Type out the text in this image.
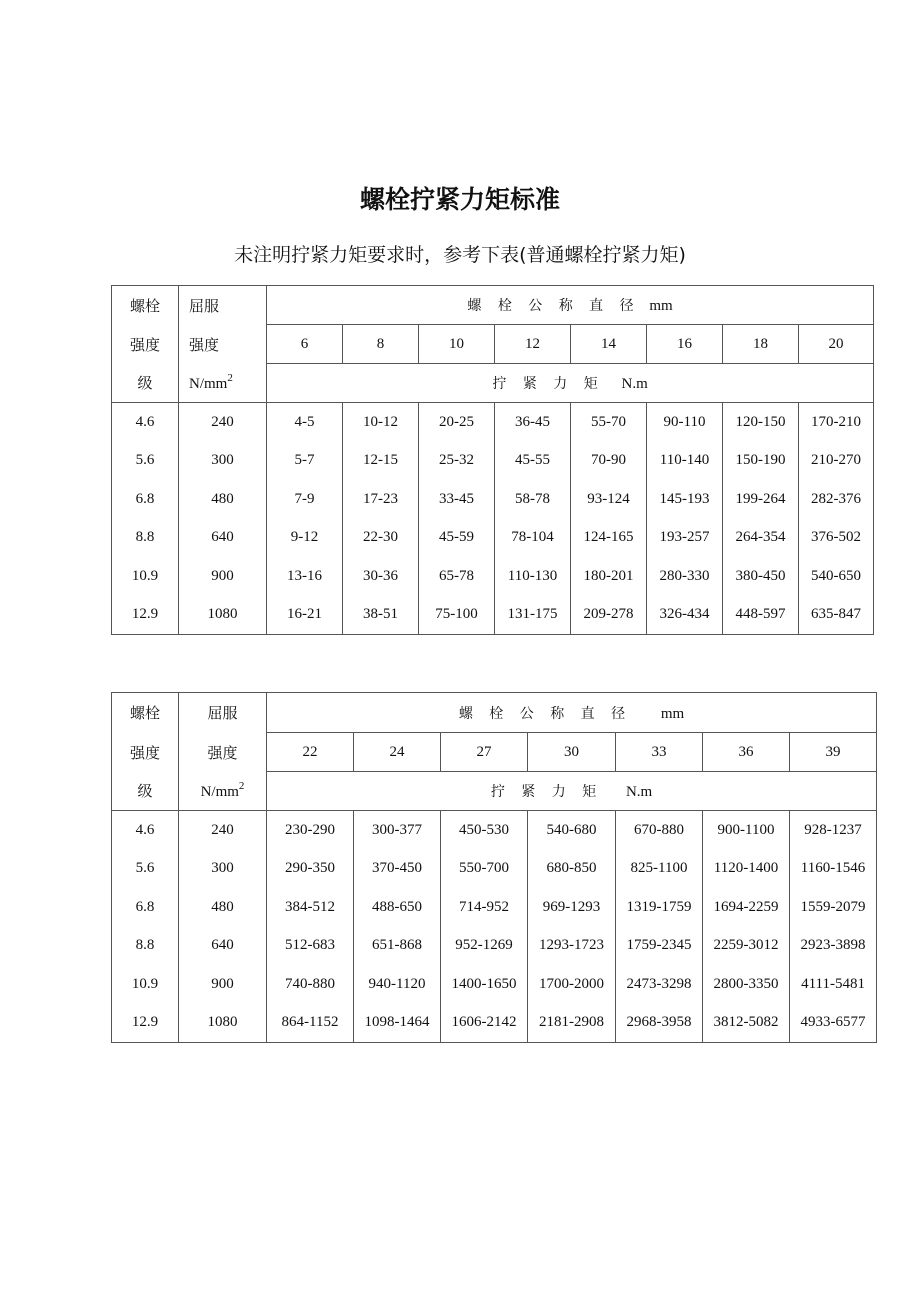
螺栓拧紧力矩标准
未注明拧紧力矩要求时，参考下表(普通螺栓拧紧力矩)
螺栓	屈服	螺 栓 公 称 直 径 mm							
强度	强度	6	8	10	12	14	16	18	20
级	$N/mm^2$	拧 紧 力 矩 N.m							
4.6	240	4-5	10-12	20-25	36-45	55-70	90-110	120-150	170-210
5.6	300	5-7	12-15	25-32	45-55	70-90	110-140	150-190	210-270
6.8	480	7-9	17-23	33-45	58-78	93-124	145-193	199-264	282-376
8.8	640	9-12	22-30	45-59	78-104	124-165	193-257	264-354	376-502
10.9	900	13-16	30-36	65-78	110-130	180-201	280-330	380-450	540-650
12.9	1080	16-21	38-51	75-100	131-175	209-278	326-434	448-597	635-847
螺栓	屈服	螺 栓 公 称 直 径 mm						
强度	强度	22	24	27	30	33	36	39
级	$N/mm^2$	拧 紧 力 矩 N.m						
4.6	240	230-290	300-377	450-530	540-680	670-880	900-1100	928-1237
5.6	300	290-350	370-450	550-700	680-850	825-1100	1120-1400	1160-1546
6.8	480	384-512	488-650	714-952	969-1293	1319-1759	1694-2259	1559-2079
8.8	640	512-683	651-868	952-1269	1293-1723	1759-2345	2259-3012	2923-3898
10.9	900	740-880	940-1120	1400-1650	1700-2000	2473-3298	2800-3350	4111-5481
12.9	1080	864-1152	1098-1464	1606-2142	2181-2908	2968-3958	3812-5082	4933-6577
